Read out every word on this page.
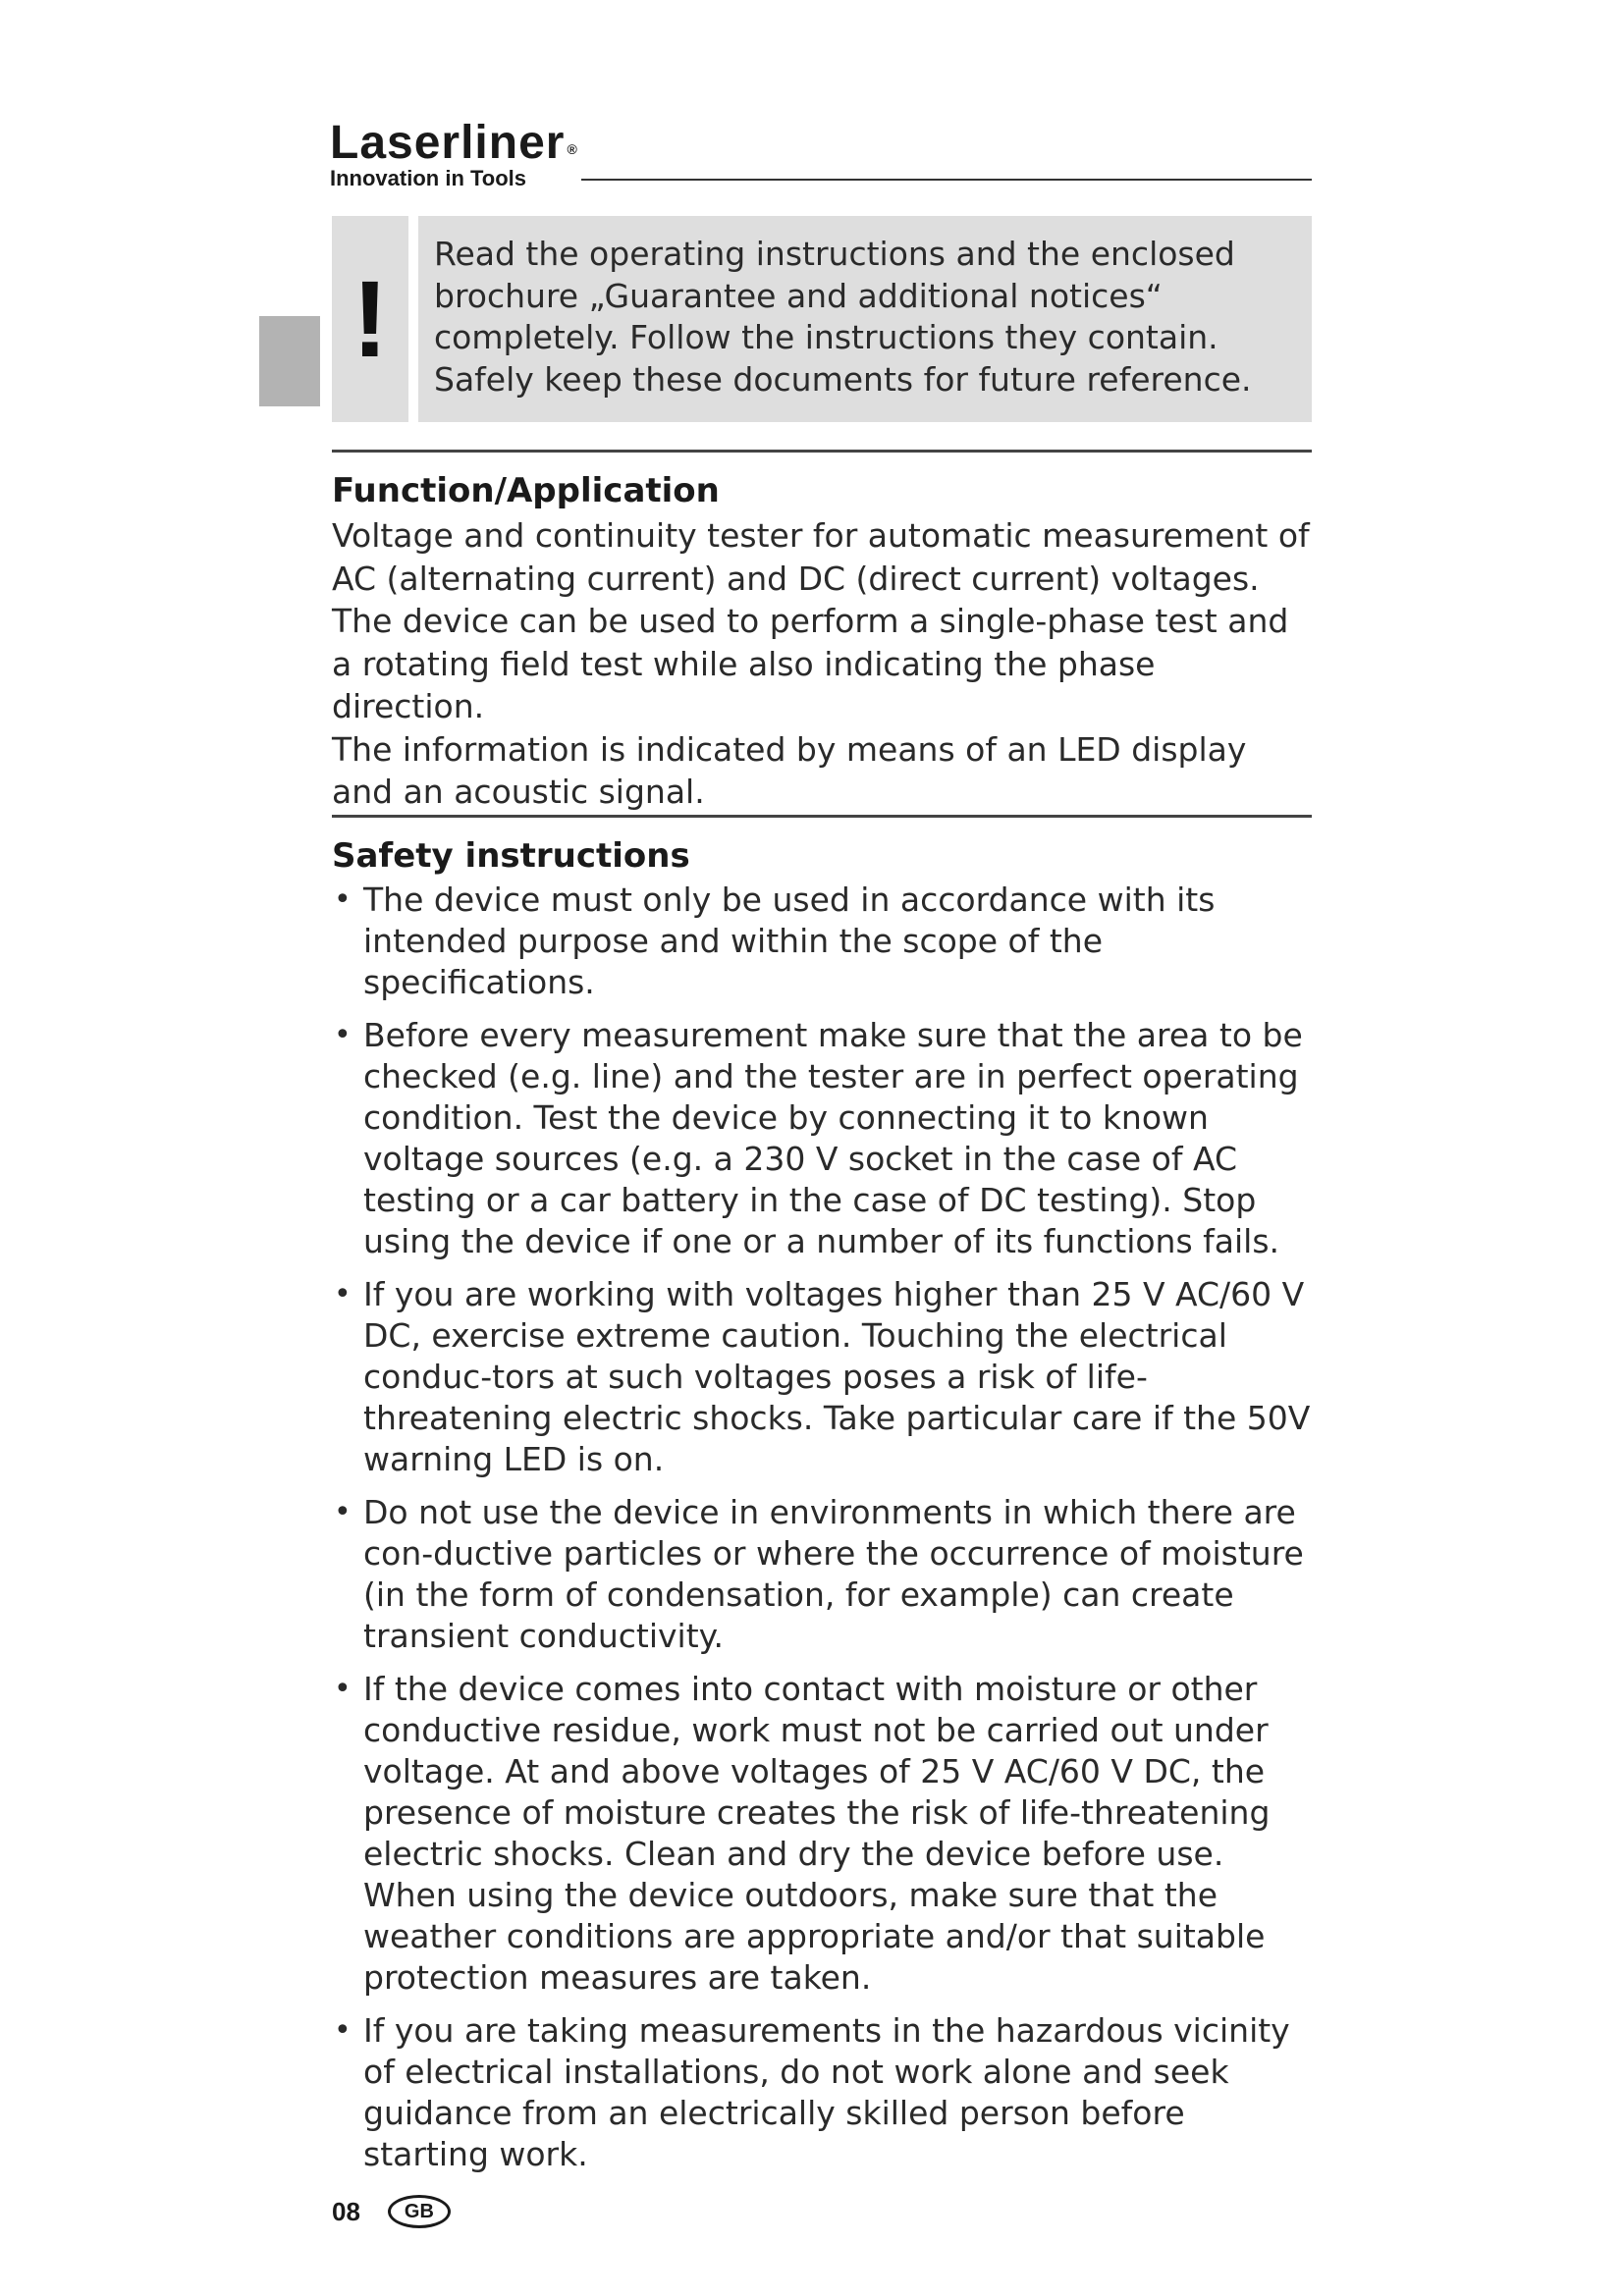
Laserliner ®
Innovation in Tools
!

Read the operating instructions and the enclosed

brochure „Guarantee and additional notices“

completely. Follow the instructions they contain.

Safely keep these documents for future reference.

Function/Application

Voltage and continuity tester for automatic measurement of AC (alternating current) and DC (direct current) voltages.

The device can be used to perform a single-phase test and a rotating field test while also indicating the phase direction.

The information is indicated by means of an LED display and an acoustic signal.

Safety instructions
• The device must only be used in accordance with its intended purpose and within the scope of the specifications.
• Before every measurement make sure that the area to be checked (e.g. line) and the tester are in perfect operating condition. Test the device by connecting it to known voltage sources (e.g. a 230 V socket in the case of AC testing or a car battery in the case of DC testing). Stop using the device if one or a number of its functions fails.
• If you are working with voltages higher than 25 V AC/60 V DC, exercise extreme caution. Touching the electrical conduc-tors at such voltages poses a risk of life-threatening electric shocks. Take particular care if the 50V warning LED is on.
• Do not use the device in environments in which there are con-ductive particles or where the occurrence of moisture (in the form of condensation, for example) can create transient conductivity.
• If the device comes into contact with moisture or other conductive residue, work must not be carried out under voltage. At and above voltages of 25 V AC/60 V DC, the presence of moisture creates the risk of life-threatening electric shocks. Clean and dry the device before use. When using the device outdoors, make sure that the weather conditions are appropriate and/or that suitable protection measures are taken.
• If you are taking measurements in the hazardous vicinity of electrical installations, do not work alone and seek guidance from an electrically skilled person before starting work.
08	GB
